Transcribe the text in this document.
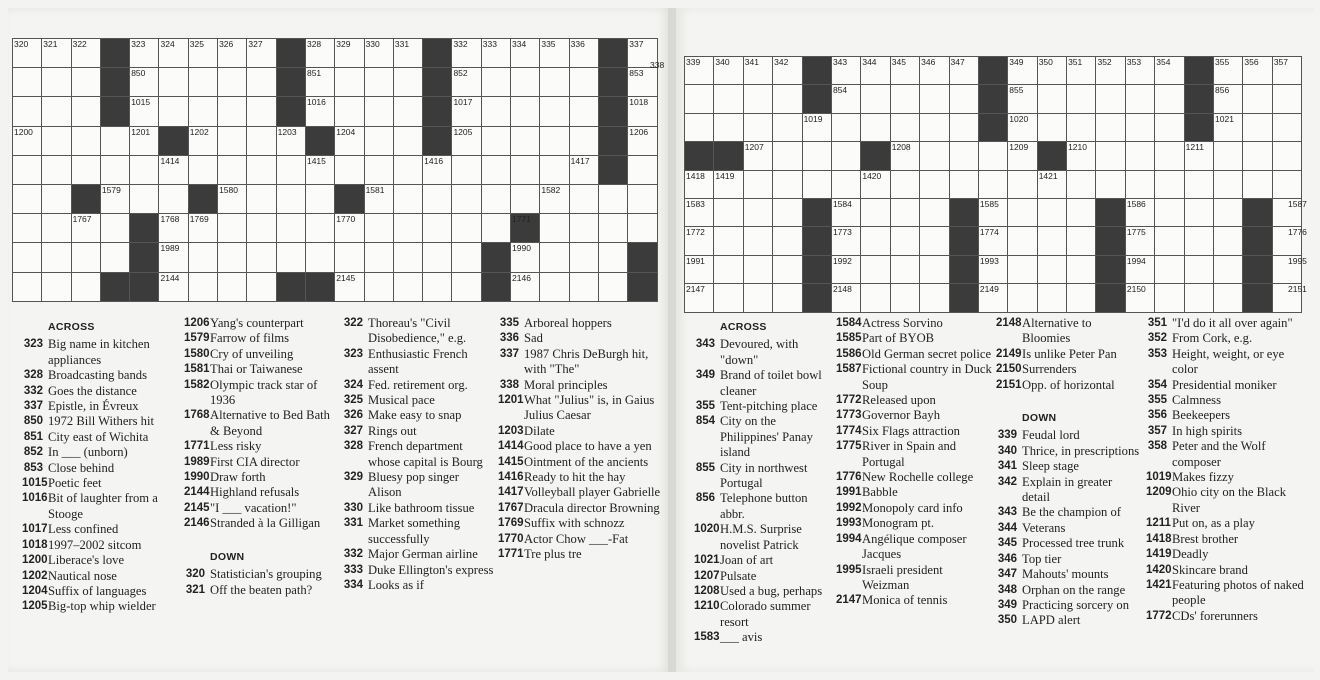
320 321 322	323 324 325 326 327	328 329 330 331	332 333 334 335 336	337
850	851	852	853
1015	1016	1017	1018
1200	1201	1202	1203	1204	1205	1206
1414	1415	1416	1417
1579	1580	1581	1582
1767	1768 1769	1770	1771
1989	1990
2144	2145	2146
ACROSS
323 Big name in kitchen appliances
328 Broadcasting bands
332 Goes the distance
337 Epistle, in Évreux
850 1972 Bill Withers hit
851 City east of Wichita
852 In ___ (unborn)
853 Close behind
1015 Poetic feet
1016 Bit of laughter from a Stooge
1017 Less confined
1018 1997–2002 sitcom
1200 Liberace's love
1202 Nautical nose
1204 Suffix of languages
1205 Big-top whip wielder
1206 Yang's counterpart
1579 Farrow of films
1580 Cry of unveiling
1581 Thai or Taiwanese
1582 Olympic track star of 1936
1768 Alternative to Bed Bath & Beyond
1771 Less risky
1989 First CIA director
1990 Draw forth
2144 Highland refusals
2145 "I ___ vacation!"
2146 Stranded à la Gilligan
DOWN
320 Statistician's grouping
321 Off the beaten path?
322 Thoreau's "Civil Disobedience," e.g.
323 Enthusiastic French assent
324 Fed. retirement org.
325 Musical pace
326 Make easy to snap
327 Rings out
328 French department whose capital is Bourg
329 Bluesy pop singer Alison
330 Like bathroom tissue
331 Market something successfully
332 Major German airline
333 Duke Ellington's express
334 Looks as if
335 Arboreal hoppers
336 Sad
337 1987 Chris DeBurgh hit, with "The"
338 Moral principles
1201 What "Julius" is, in Gaius Julius Caesar
1203 Dilate
1414 Good place to have a yen
1415 Ointment of the ancients
1416 Ready to hit the hay
1417 Volleyball player Gabrielle
1767 Dracula director Browning
1769 Suffix with schnozz
1770 Actor Chow ___-Fat
1771 Tre plus tre
338	339 340 341 342	343 344 345 346 347	349 350 351 352 353 354	355 356 357
854	855	856
1019	1020	1021
1207	1208	1209	1210	1211
1418 1419	1420	1421
1583	1584	1585	1586
1772	1773	1774	1775
1991	1992	1993	1994
2147	2148	2149	2150
ACROSS
343 Devoured, with "down"
349 Brand of toilet bowl cleaner
355 Tent-pitching place
854 City on the Philippines' Panay island
855 City in northwest Portugal
856 Telephone button abbr.
1020 H.M.S. Surprise novelist Patrick
1021 Joan of art
1207 Pulsate
1208 Used a bug, perhaps
1210 Colorado summer resort
1583 ___ avis
1584 Actress Sorvino
1585 Part of BYOB
1586 Old German secret police
1587 Fictional country in Duck Soup
1772 Released upon
1773 Governor Bayh
1774 Six Flags attraction
1775 River in Spain and Portugal
1776 New Rochelle college
1991 Babble
1992 Monopoly card info
1993 Monogram pt.
1994 Angélique composer Jacques
1995 Israeli president Weizman
2147 Monica of tennis
2148 Alternative to Bloomies
2149 Is unlike Peter Pan
2150 Surrenders
2151 Opp. of horizontal
DOWN
339 Feudal lord
340 Thrice, in prescriptions
341 Sleep stage
342 Explain in greater detail
343 Be the champion of
344 Veterans
345 Processed tree trunk
346 Top tier
347 Mahouts' mounts
348 Orphan on the range
349 Practicing sorcery on
350 LAPD alert
351 "I'd do it all over again"
352 From Cork, e.g.
353 Height, weight, or eye color
354 Presidential moniker
355 Calmness
356 Beekeepers
357 In high spirits
358 Peter and the Wolf composer
1019 Makes fizzy
1209 Ohio city on the Black River
1211 Put on, as a play
1418 Brest brother
1419 Deadly
1420 Skincare brand
1421 Featuring photos of naked people
1772 CDs' forerunners
1587
1776
1995
2151
